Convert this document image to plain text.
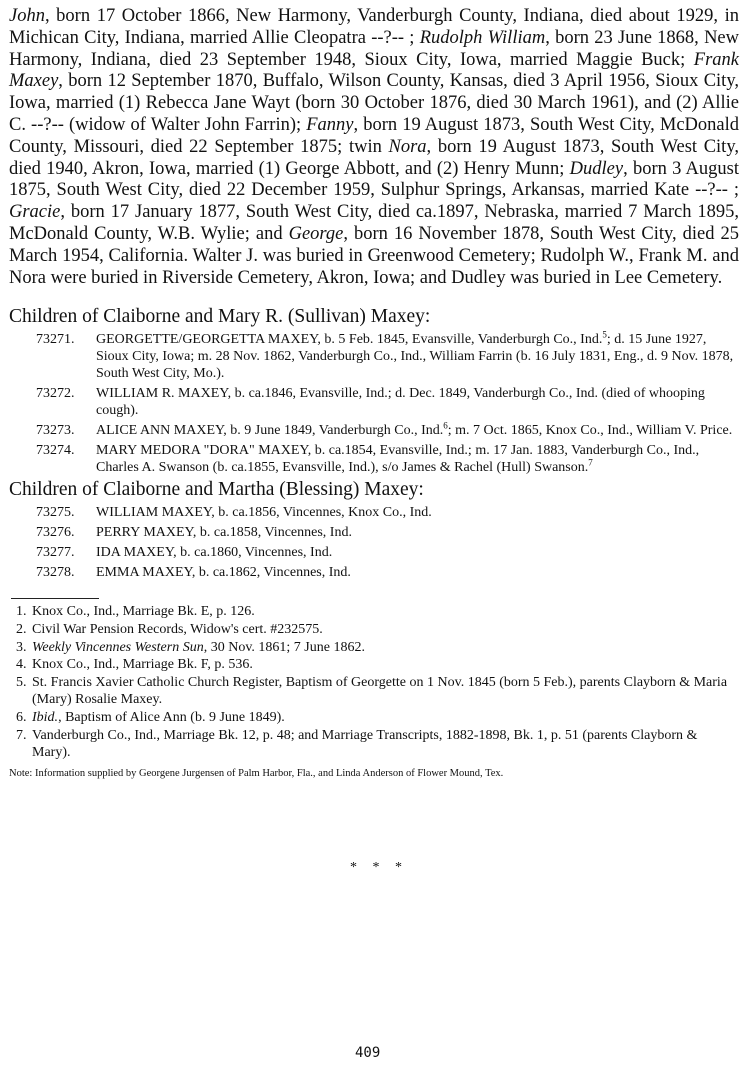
John, born 17 October 1866, New Harmony, Vanderburgh County, Indiana, died about 1929, in Michican City, Indiana, married Allie Cleopatra --?-- ; Rudolph William, born 23 June 1868, New Harmony, Indiana, died 23 September 1948, Sioux City, Iowa, married Maggie Buck; Frank Maxey, born 12 September 1870, Buffalo, Wilson County, Kansas, died 3 April 1956, Sioux City, Iowa, married (1) Rebecca Jane Wayt (born 30 October 1876, died 30 March 1961), and (2) Allie C. --?-- (widow of Walter John Farrin); Fanny, born 19 August 1873, South West City, McDonald County, Missouri, died 22 September 1875; twin Nora, born 19 August 1873, South West City, died 1940, Akron, Iowa, married (1) George Abbott, and (2) Henry Munn; Dudley, born 3 August 1875, South West City, died 22 December 1959, Sulphur Springs, Arkansas, married Kate --?-- ; Gracie, born 17 January 1877, South West City, died ca.1897, Nebraska, married 7 March 1895, McDonald County, W.B. Wylie; and George, born 16 November 1878, South West City, died 25 March 1954, California. Walter J. was buried in Greenwood Cemetery; Rudolph W., Frank M. and Nora were buried in Riverside Cemetery, Akron, Iowa; and Dudley was buried in Lee Cemetery.

Children of Claiborne and Mary R. (Sullivan) Maxey:

73271. GEORGETTE/GEORGETTA MAXEY, b. 5 Feb. 1845, Evansville, Vanderburgh Co., Ind.$^5$; d. 15 June 1927, Sioux City, Iowa; m. 28 Nov. 1862, Vanderburgh Co., Ind., William Farrin (b. 16 July 1831, Eng., d. 9 Nov. 1878, South West City, Mo.).
73272. WILLIAM R. MAXEY, b. ca.1846, Evansville, Ind.; d. Dec. 1849, Vanderburgh Co., Ind. (died of whooping cough).
73273. ALICE ANN MAXEY, b. 9 June 1849, Vanderburgh Co., Ind.$^6$; m. 7 Oct. 1865, Knox Co., Ind., William V. Price.
73274. MARY MEDORA "DORA" MAXEY, b. ca.1854, Evansville, Ind.; m. 17 Jan. 1883, Vanderburgh Co., Ind., Charles A. Swanson (b. ca.1855, Evansville, Ind.), s/o James & Rachel (Hull) Swanson.$^7$

Children of Claiborne and Martha (Blessing) Maxey:

73275. WILLIAM MAXEY, b. ca.1856, Vincennes, Knox Co., Ind.
73276. PERRY MAXEY, b. ca.1858, Vincennes, Ind.
73277. IDA MAXEY, b. ca.1860, Vincennes, Ind.
73278. EMMA MAXEY, b. ca.1862, Vincennes, Ind.
1. Knox Co., Ind., Marriage Bk. E, p. 126.
2. Civil War Pension Records, Widow's cert. #232575.
3. Weekly Vincennes Western Sun, 30 Nov. 1861; 7 June 1862.
4. Knox Co., Ind., Marriage Bk. F, p. 536.
5. St. Francis Xavier Catholic Church Register, Baptism of Georgette on 1 Nov. 1845 (born 5 Feb.), parents Clayborn & Maria (Mary) Rosalie Maxey.
6. Ibid., Baptism of Alice Ann (b. 9 June 1849).
7. Vanderburgh Co., Ind., Marriage Bk. 12, p. 48; and Marriage Transcripts, 1882-1898, Bk. 1, p. 51 (parents Clayborn & Mary).

Note: Information supplied by Georgene Jurgensen of Palm Harbor, Fla., and Linda Anderson of Flower Mound, Tex.

* * *
409
